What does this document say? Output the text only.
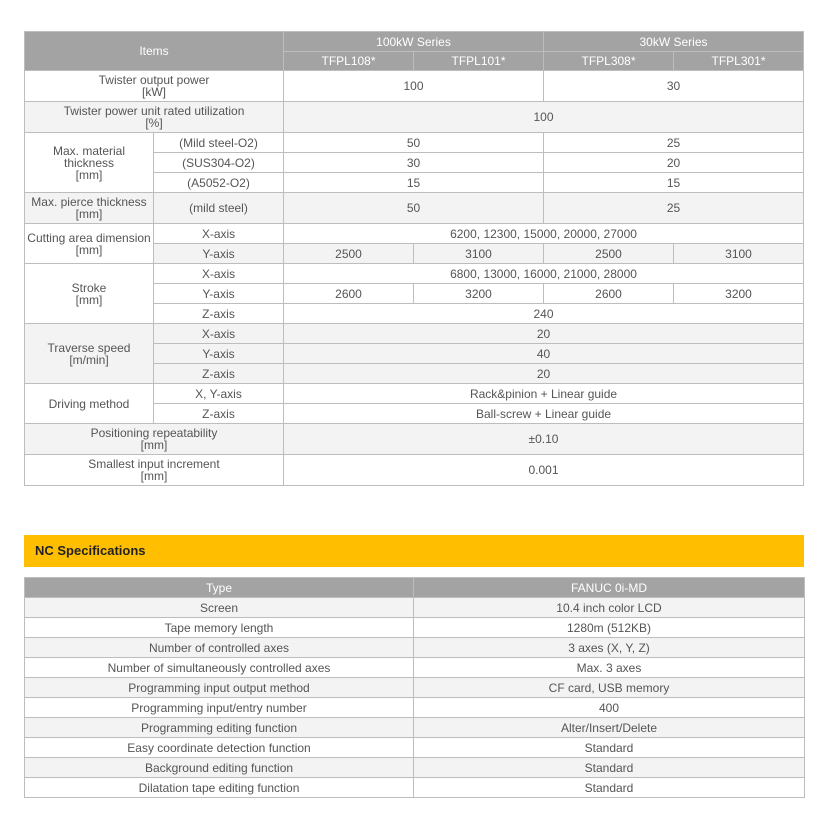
Items		100kW Series		30kW Series	
		TFPL108*	TFPL101*	TFPL308*	TFPL301*
Twister output power
[kW]		100		30	
Twister power unit rated utilization
[%]		100			
Max. material thickness
[mm]	(Mild steel-O2)	50		25	
	(SUS304-O2)	30		20	
	(A5052-O2)	15		15	
Max. pierce thickness
[mm]	(mild steel)	50		25	
Cutting area dimension
[mm]	X-axis	6200, 12300, 15000, 20000, 27000			
	Y-axis	2500	3100	2500	3100
Stroke
[mm]	X-axis	6800, 13000, 16000, 21000, 28000			
	Y-axis	2600	3200	2600	3200
	Z-axis	240			
Traverse speed
[m/min]	X-axis	20			
	Y-axis	40			
	Z-axis	20			
Driving method	X, Y-axis	Rack&pinion + Linear guide			
	Z-axis	Ball-screw + Linear guide			
Positioning repeatability
[mm]		±0.10			
Smallest input increment
[mm]		0.001			
NC Specifications
Type	FANUC 0i-MD
Screen	10.4 inch color LCD
Tape memory length	1280m (512KB)
Number of controlled axes	3 axes (X, Y, Z)
Number of simultaneously controlled axes	Max. 3 axes
Programming input output method	CF card, USB memory
Programming input/entry number	400
Programming editing function	Alter/Insert/Delete
Easy coordinate detection function	Standard
Background editing function	Standard
Dilatation tape editing function	Standard
